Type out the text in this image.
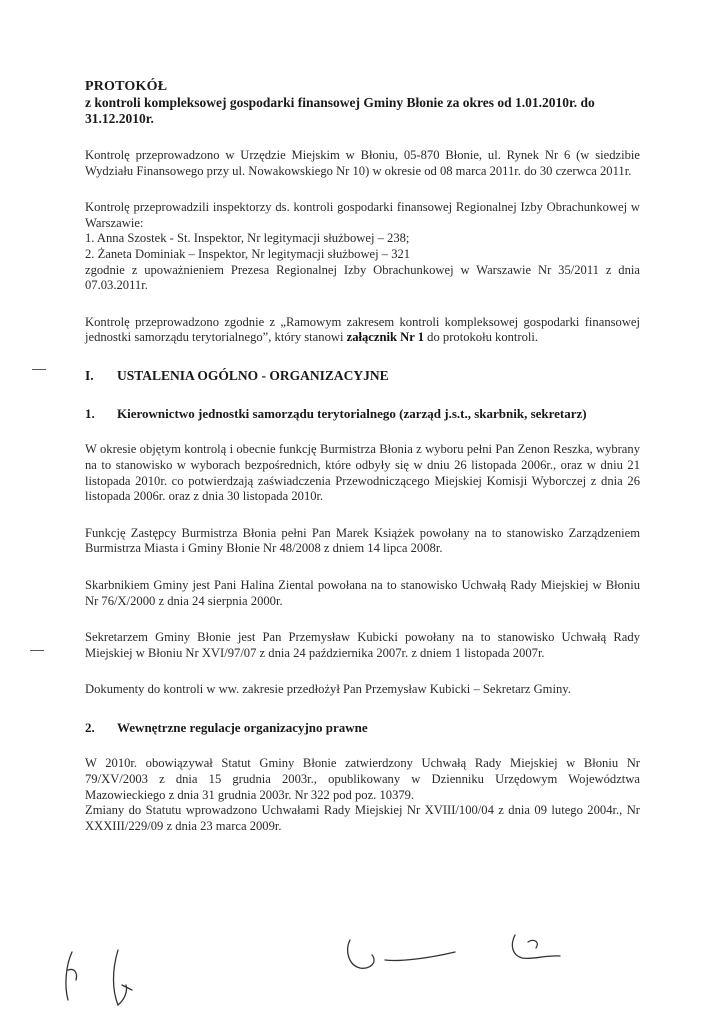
PROTOKÓŁ
z kontroli kompleksowej gospodarki finansowej Gminy Błonie za okres od 1.01.2010r. do 31.12.2010r.

Kontrolę przeprowadzono w Urzędzie Miejskim w Błoniu, 05-870 Błonie, ul. Rynek Nr 6 (w siedzibie Wydziału Finansowego przy ul. Nowakowskiego Nr 10) w okresie od 08 marca 2011r. do 30 czerwca 2011r.

Kontrolę przeprowadzili inspektorzy ds. kontroli gospodarki finansowej Regionalnej Izby Obrachunkowej w Warszawie:

1. Anna Szostek - St. Inspektor, Nr legitymacji służbowej – 238;

2. Żaneta Dominiak – Inspektor, Nr legitymacji służbowej – 321

zgodnie z upoważnieniem Prezesa Regionalnej Izby Obrachunkowej w Warszawie Nr 35/2011 z dnia 07.03.2011r.

Kontrolę przeprowadzono zgodnie z „Ramowym zakresem kontroli kompleksowej gospodarki finansowej jednostki samorządu terytorialnego”, który stanowi załącznik Nr 1 do protokołu kontroli.

I.	USTALENIA OGÓLNO - ORGANIZACYJNE
1.	Kierownictwo jednostki samorządu terytorialnego (zarząd j.s.t., skarbnik, sekretarz)

W okresie objętym kontrolą i obecnie funkcję Burmistrza Błonia z wyboru pełni Pan Zenon Reszka, wybrany na to stanowisko w wyborach bezpośrednich, które odbyły się w dniu 26 listopada 2006r., oraz w dniu 21 listopada 2010r. co potwierdzają zaświadczenia Przewodniczącego Miejskiej Komisji Wyborczej z dnia 26 listopada 2006r. oraz z dnia 30 listopada 2010r.

Funkcję Zastępcy Burmistrza Błonia pełni Pan Marek Książek powołany na to stanowisko Zarządzeniem Burmistrza Miasta i Gminy Błonie Nr 48/2008 z dniem 14 lipca 2008r.

Skarbnikiem Gminy jest Pani Halina Ziental powołana na to stanowisko Uchwałą Rady Miejskiej w Błoniu Nr 76/X/2000 z dnia 24 sierpnia 2000r.

Sekretarzem Gminy Błonie jest Pan Przemysław Kubicki powołany na to stanowisko Uchwałą Rady Miejskiej w Błoniu Nr XVI/97/07 z dnia 24 października 2007r. z dniem 1 listopada 2007r.

Dokumenty do kontroli w ww. zakresie przedłożył Pan Przemysław Kubicki – Sekretarz Gminy.

2.	Wewnętrzne regulacje organizacyjno prawne

W 2010r. obowiązywał Statut Gminy Błonie zatwierdzony Uchwałą Rady Miejskiej w Błoniu Nr 79/XV/2003 z dnia 15 grudnia 2003r., opublikowany w Dzienniku Urzędowym Województwa Mazowieckiego z dnia 31 grudnia 2003r. Nr 322 pod poz. 10379.

Zmiany do Statutu wprowadzono Uchwałami Rady Miejskiej Nr XVIII/100/04 z dnia 09 lutego 2004r., Nr XXXIII/229/09 z dnia 23 marca 2009r.
